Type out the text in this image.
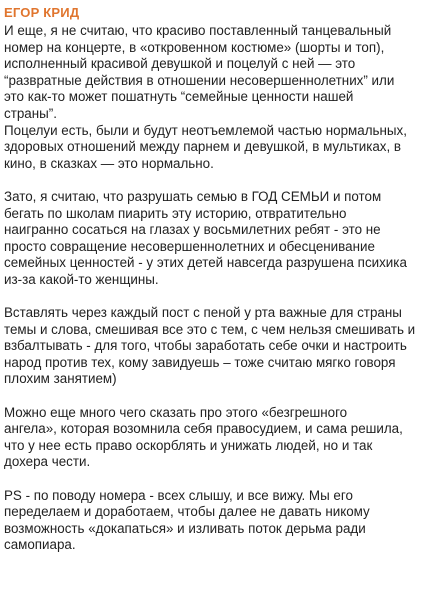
ЕГОР КРИД
И еще, я не считаю, что красиво поставленный танцевальный
номер на концерте, в «откровенном костюме» (шорты и топ),
исполненный красивой девушкой и поцелуй с ней — это
“развратные действия в отношении несовершеннолетних” или
это как-то может пошатнуть “семейные ценности нашей
страны”.
Поцелуи есть, были и будут неотъемлемой частью нормальных,
здоровых отношений между парнем и девушкой, в мультиках, в
кино, в сказках — это нормально.
Зато, я считаю, что разрушать семью в ГОД СЕМЬИ и потом
бегать по школам пиарить эту историю, отвратительно
наигранно сосаться на глазах у восьмилетних ребят - это не
просто совращение несовершеннолетних и обесценивание
семейных ценностей - у этих детей навсегда разрушена психика
из-за какой-то женщины.
Вставлять через каждый пост с пеной у рта важные для страны
темы и слова, смешивая все это с тем, с чем нельзя смешивать и
взбалтывать - для того, чтобы заработать себе очки и настроить
народ против тех, кому завидуешь – тоже считаю мягко говоря
плохим занятием)
Можно еще много чего сказать про этого «безгрешного
ангела», которая возомнила себя правосудием, и сама решила,
что у нее есть право оскорблять и унижать людей, но и так
дохера чести.
PS - по поводу номера - всех слышу, и все вижу. Мы его
переделаем и доработаем, чтобы далее не давать никому
возможность «докапаться» и изливать поток дерьма ради
самопиара.
